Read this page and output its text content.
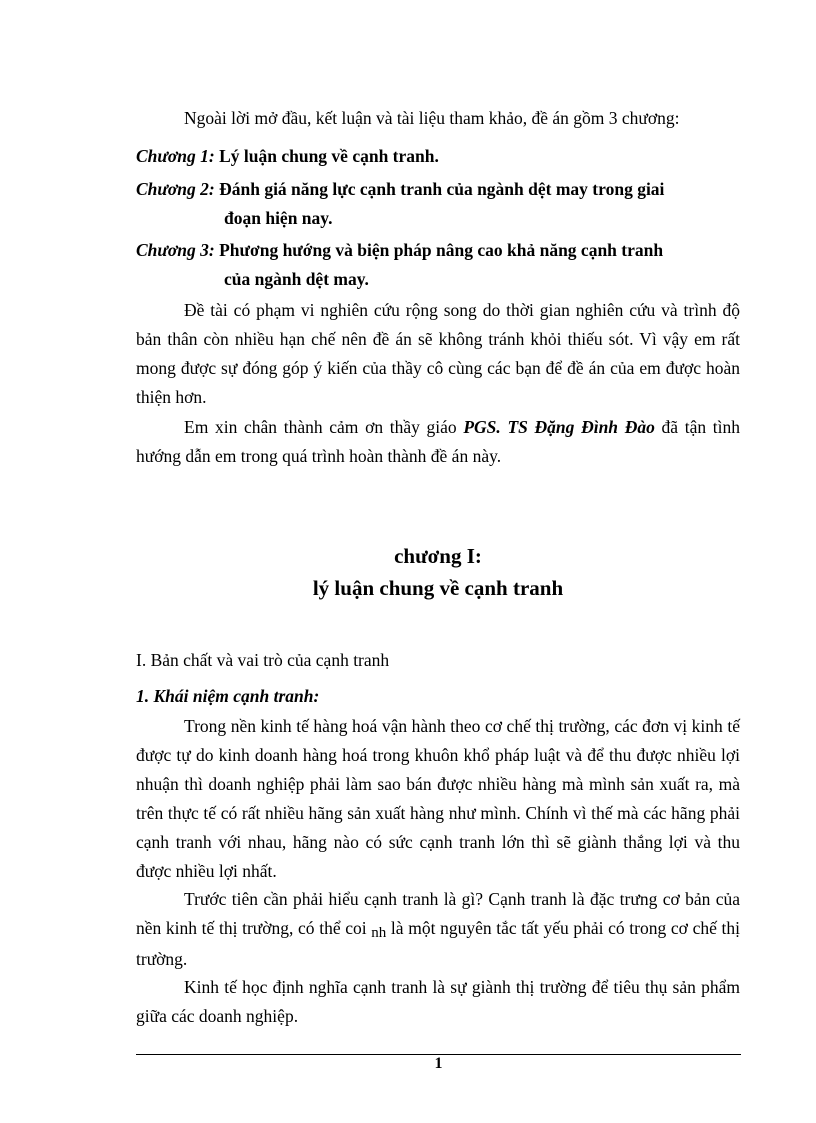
Ngoài lời mở đầu, kết luận và tài liệu tham khảo, đề án gồm 3 chương:
Chương 1: Lý luận chung về cạnh tranh.
Chương 2: Đánh giá năng lực cạnh tranh của ngành dệt may trong giai
đoạn hiện nay.
Chương 3: Phương hướng và biện pháp nâng cao khả năng cạnh tranh
của ngành dệt may.
Đề tài có phạm vi nghiên cứu rộng song do thời gian nghiên cứu và trình độ bản thân còn nhiều hạn chế nên đề án sẽ không tránh khỏi thiếu sót. Vì vậy em rất mong được sự đóng góp ý kiến của thầy cô cùng các bạn để đề án của em được hoàn thiện hơn.
Em xin chân thành cảm ơn thầy giáo PGS. TS Đặng Đình Đào đã tận tình hướng dẫn em trong quá trình hoàn thành đề án này.
chương I:
lý luận chung về cạnh tranh
I. Bản chất và vai trò của cạnh tranh
1. Khái niệm cạnh tranh:
Trong nền kinh tế hàng hoá vận hành theo cơ chế thị trường, các đơn vị kinh tế được tự do kinh doanh hàng hoá trong khuôn khổ pháp luật và để thu được nhiều lợi nhuận thì doanh nghiệp phải làm sao bán được nhiều hàng mà mình sản xuất ra, mà trên thực tế có rất nhiều hãng sản xuất hàng như mình. Chính vì thế mà các hãng phải cạnh tranh với nhau, hãng nào có sức cạnh tranh lớn thì sẽ giành thắng lợi và thu được nhiều lợi nhất.
Trước tiên cần phải hiểu cạnh tranh là gì? Cạnh tranh là đặc trưng cơ bản của nền kinh tế thị trường, có thể coi nh là một nguyên tắc tất yếu phải có trong cơ chế thị trường.
Kinh tế học định nghĩa cạnh tranh là sự giành thị trường để tiêu thụ sản phẩm giữa các doanh nghiệp.
1
